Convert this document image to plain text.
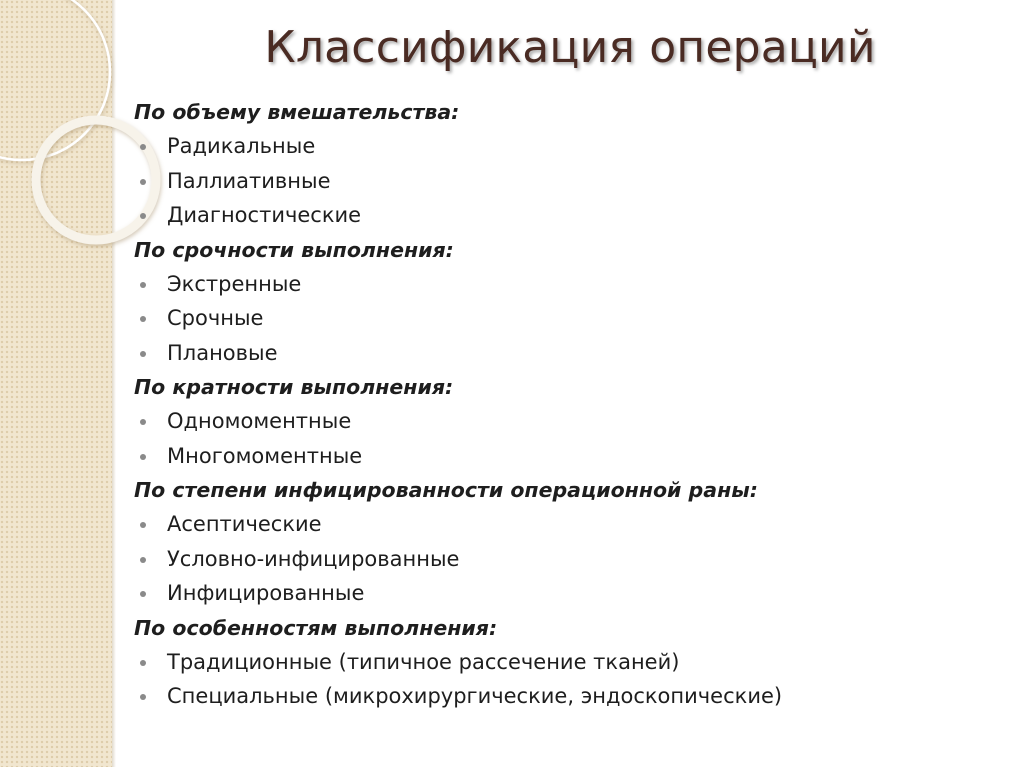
Классификация операций
По объему вмешательства:
Радикальные
Паллиативные
Диагностические
По срочности выполнения:
Экстренные
Срочные
Плановые
По кратности выполнения:
Одномоментные
Многомоментные
По степени инфицированности операционной раны:
Асептические
Условно-инфицированные
Инфицированные
По особенностям выполнения:
Традиционные (типичное рассечение тканей)
Специальные (микрохирургические, эндоскопические)
